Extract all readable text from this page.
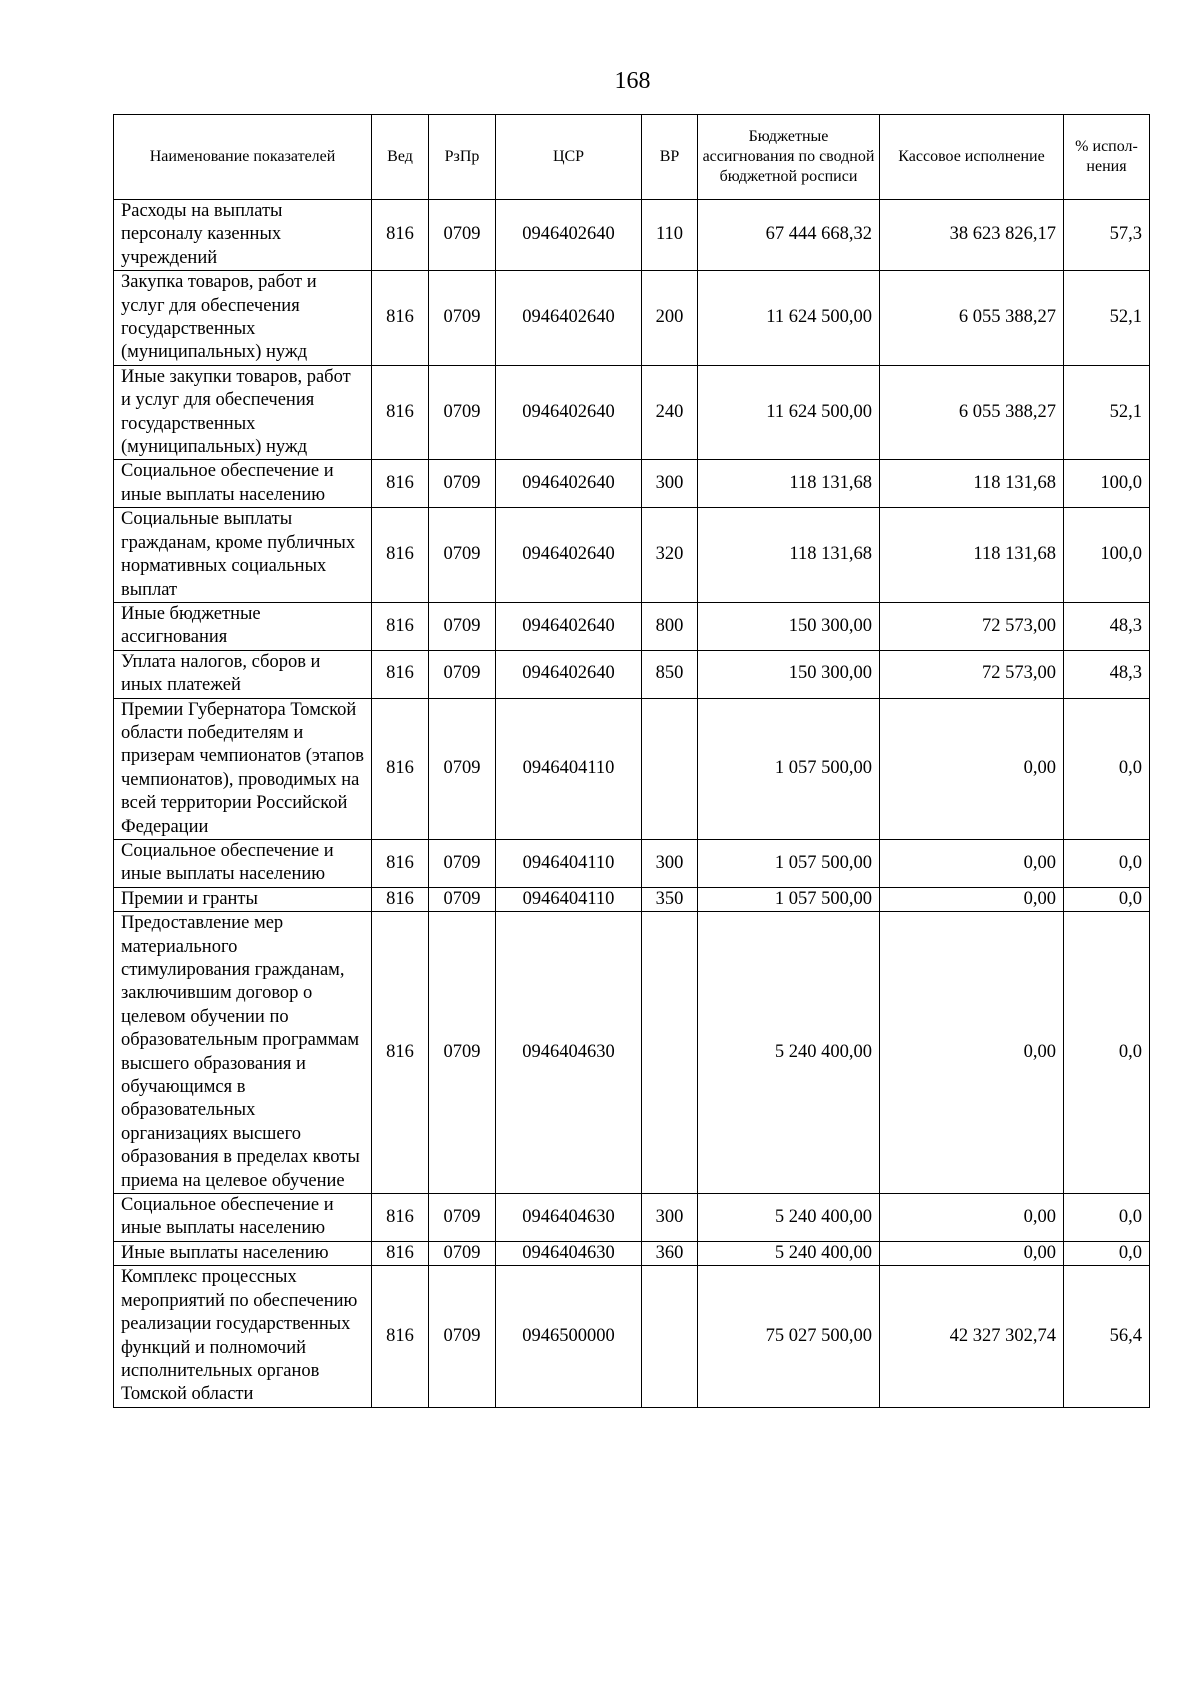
168
Наименование показателей	Вед	РзПр	ЦСР	ВР	Бюджетные ассигнования по сводной бюджетной росписи	Кассовое исполнение	% испол-нения
Расходы на выплаты персоналу казенных учреждений	816	0709	0946402640	110	67 444 668,32	38 623 826,17	57,3
Закупка товаров, работ и услуг для обеспечения государственных (муниципальных) нужд	816	0709	0946402640	200	11 624 500,00	6 055 388,27	52,1
Иные закупки товаров, работ и услуг для обеспечения государственных (муниципальных) нужд	816	0709	0946402640	240	11 624 500,00	6 055 388,27	52,1
Социальное обеспечение и иные выплаты населению	816	0709	0946402640	300	118 131,68	118 131,68	100,0
Социальные выплаты гражданам, кроме публичных нормативных социальных выплат	816	0709	0946402640	320	118 131,68	118 131,68	100,0
Иные бюджетные ассигнования	816	0709	0946402640	800	150 300,00	72 573,00	48,3
Уплата налогов, сборов и иных платежей	816	0709	0946402640	850	150 300,00	72 573,00	48,3
Премии Губернатора Томской области победителям и призерам чемпионатов (этапов чемпионатов), проводимых на всей территории Российской Федерации	816	0709	0946404110		1 057 500,00	0,00	0,0
Социальное обеспечение и иные выплаты населению	816	0709	0946404110	300	1 057 500,00	0,00	0,0
Премии и гранты	816	0709	0946404110	350	1 057 500,00	0,00	0,0
Предоставление мер материального стимулирования гражданам, заключившим договор о целевом обучении по образовательным программам высшего образования и обучающимся в образовательных организациях высшего образования в пределах квоты приема на целевое обучение	816	0709	0946404630		5 240 400,00	0,00	0,0
Социальное обеспечение и иные выплаты населению	816	0709	0946404630	300	5 240 400,00	0,00	0,0
Иные выплаты населению	816	0709	0946404630	360	5 240 400,00	0,00	0,0
Комплекс процессных мероприятий по обеспечению реализации государственных функций и полномочий исполнительных органов Томской области	816	0709	0946500000		75 027 500,00	42 327 302,74	56,4
